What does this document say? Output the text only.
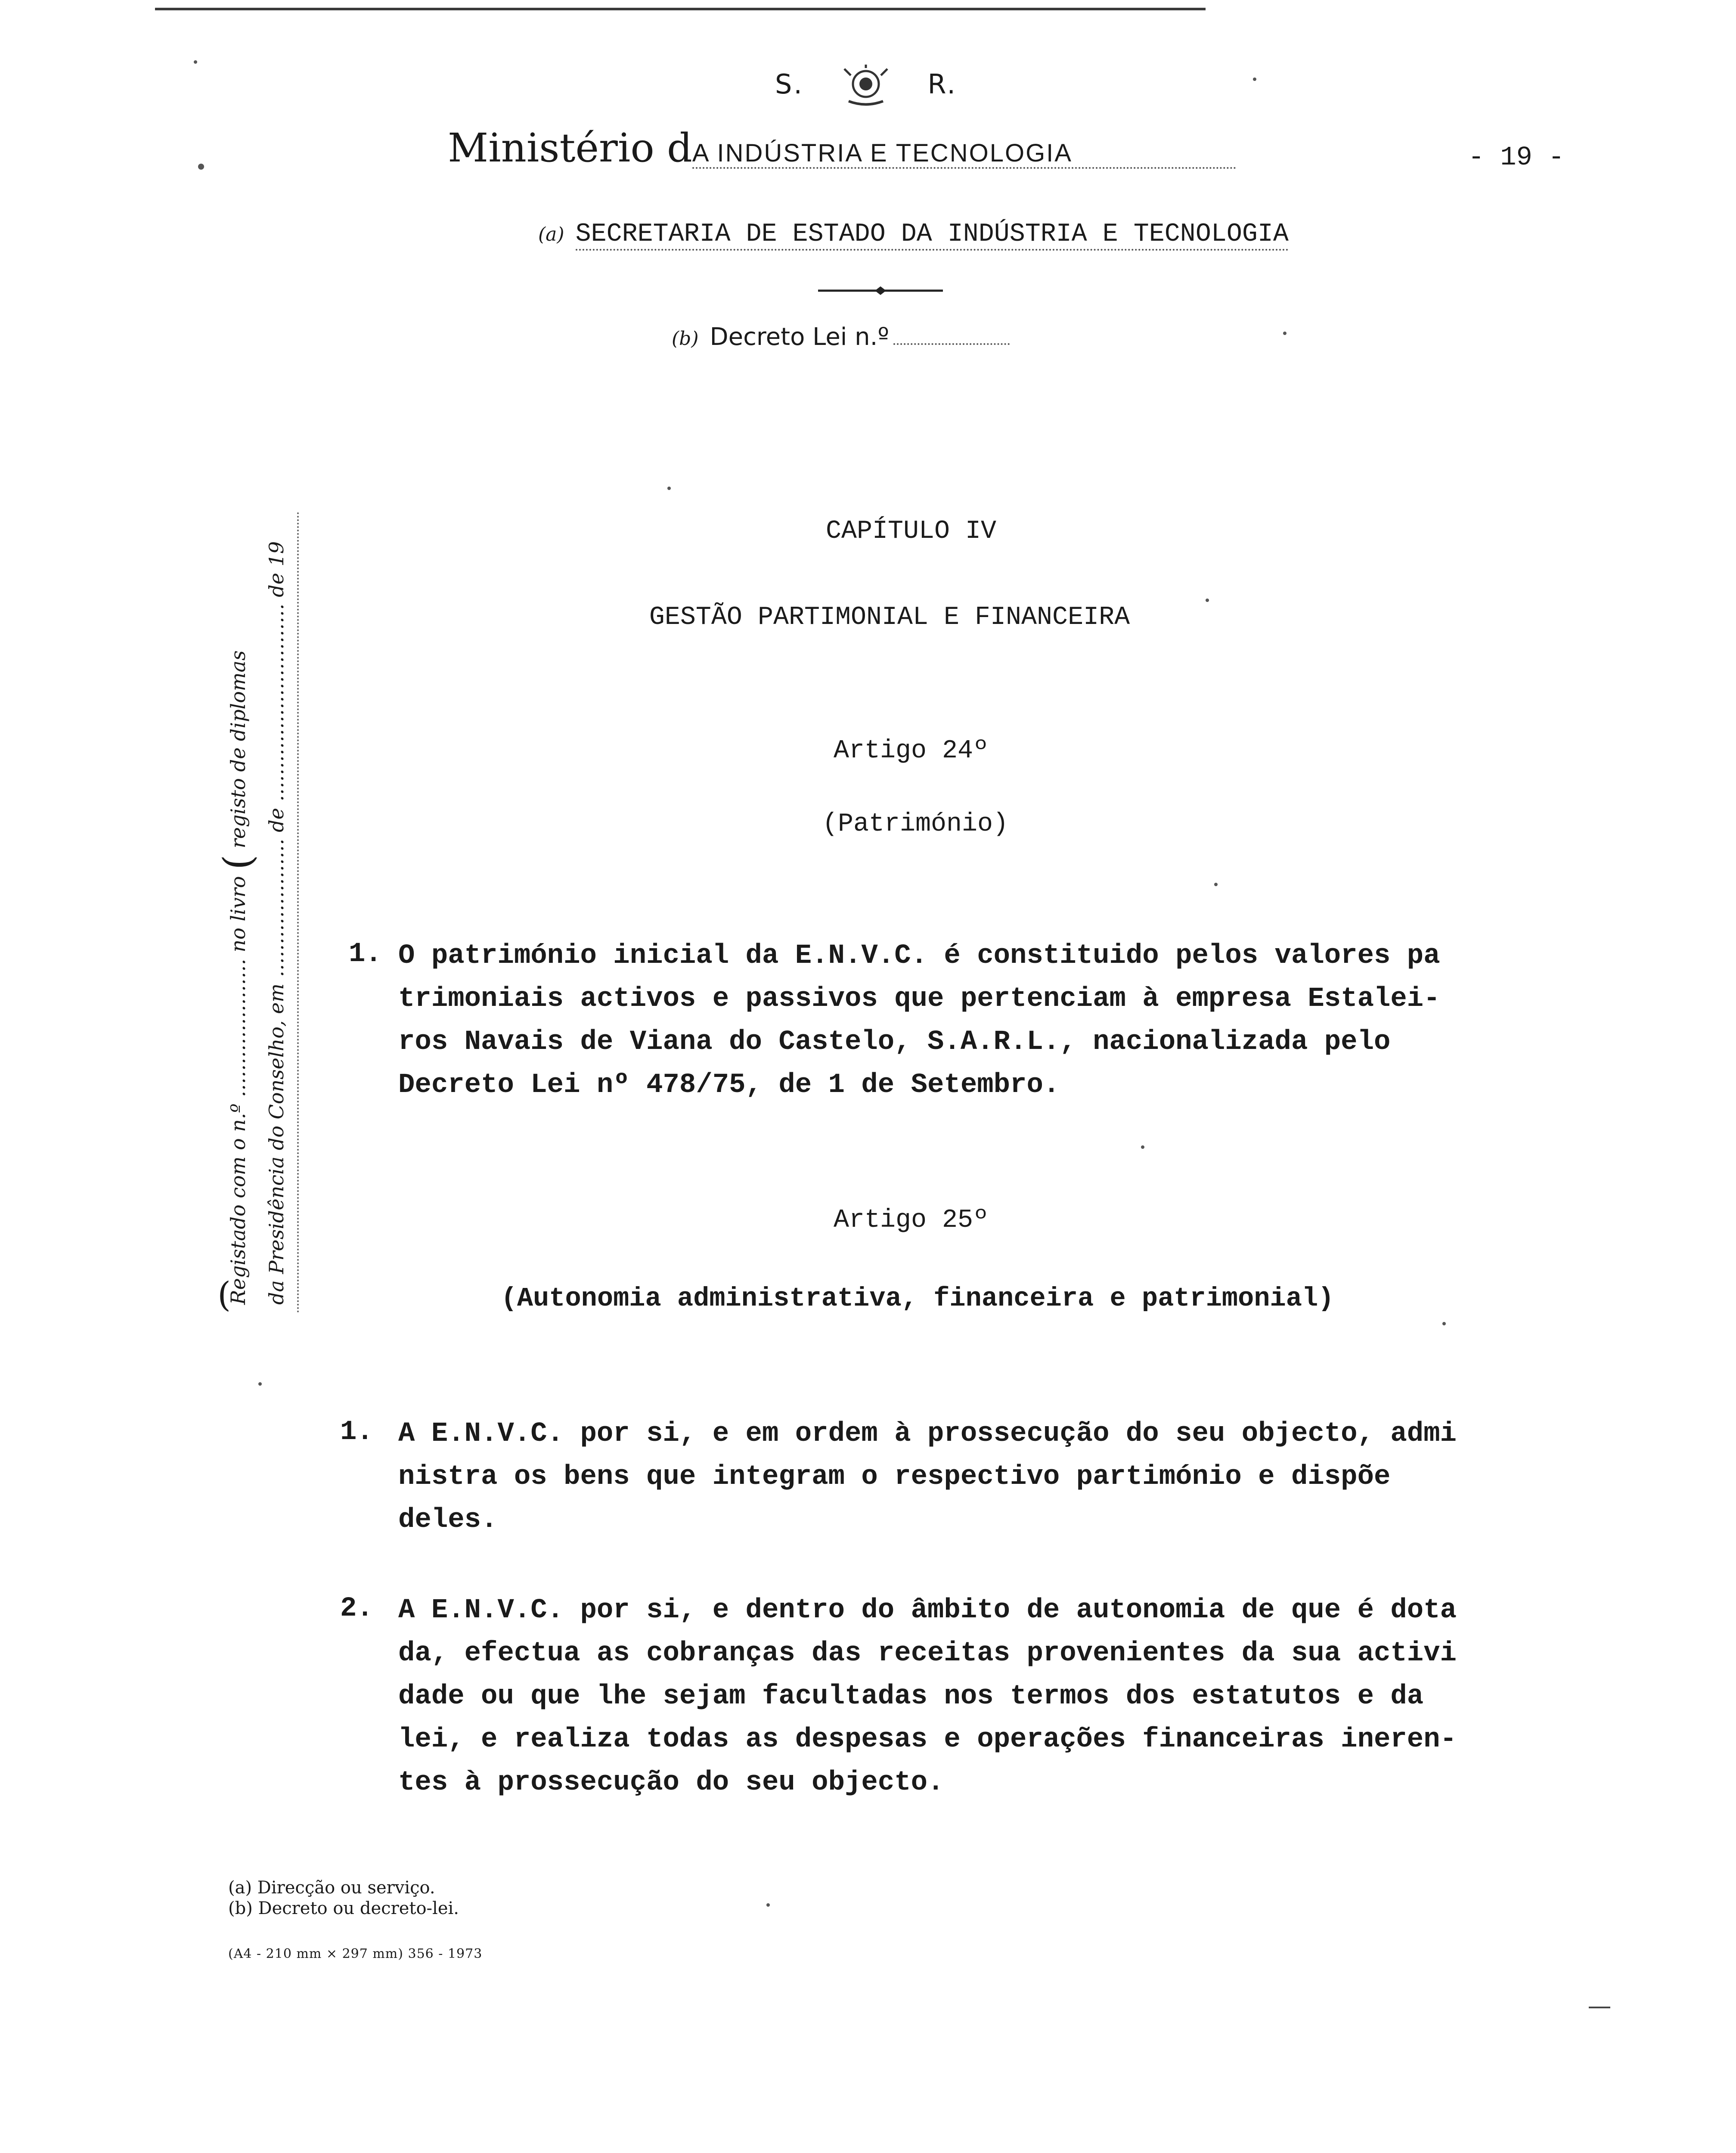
S.	R.
Ministério dA INDÚSTRIA E TECNOLOGIA	- 19 -
(a) SECRETARIA DE ESTADO DA INDÚSTRIA E TECNOLOGIA
(b) Decreto Lei n.º
Registado com o n.º ………………… no livro ( registo de diplomas da Presidência do Conselho, em ………………… de ………………………… de 19
(
CAPÍTULO IV
GESTÃO PARTIMONIAL E FINANCEIRA
Artigo 24º
(Património)
1. O património inicial da E.N.V.C. é constituido pelos valores pa

trimoniais activos e passivos que pertenciam à empresa Estalei-

ros Navais de Viana do Castelo, S.A.R.L., nacionalizada pelo

Decreto Lei nº 478/75, de 1 de Setembro.

Artigo 25º
(Autonomia administrativa, financeira e patrimonial)
1. A E.N.V.C. por si, e em ordem à prossecução do seu objecto, admi

nistra os bens que integram o respectivo partimónio e dispõe

deles.

2. A E.N.V.C. por si, e dentro do âmbito de autonomia de que é dota

da, efectua as cobranças das receitas provenientes da sua activi

dade ou que lhe sejam facultadas nos termos dos estatutos e da

lei, e realiza todas as despesas e operações financeiras ineren-

tes à prossecução do seu objecto.

(a) Direcção ou serviço.
(b) Decreto ou decreto-lei.
(A4 - 210 mm × 297 mm) 356 - 1973
